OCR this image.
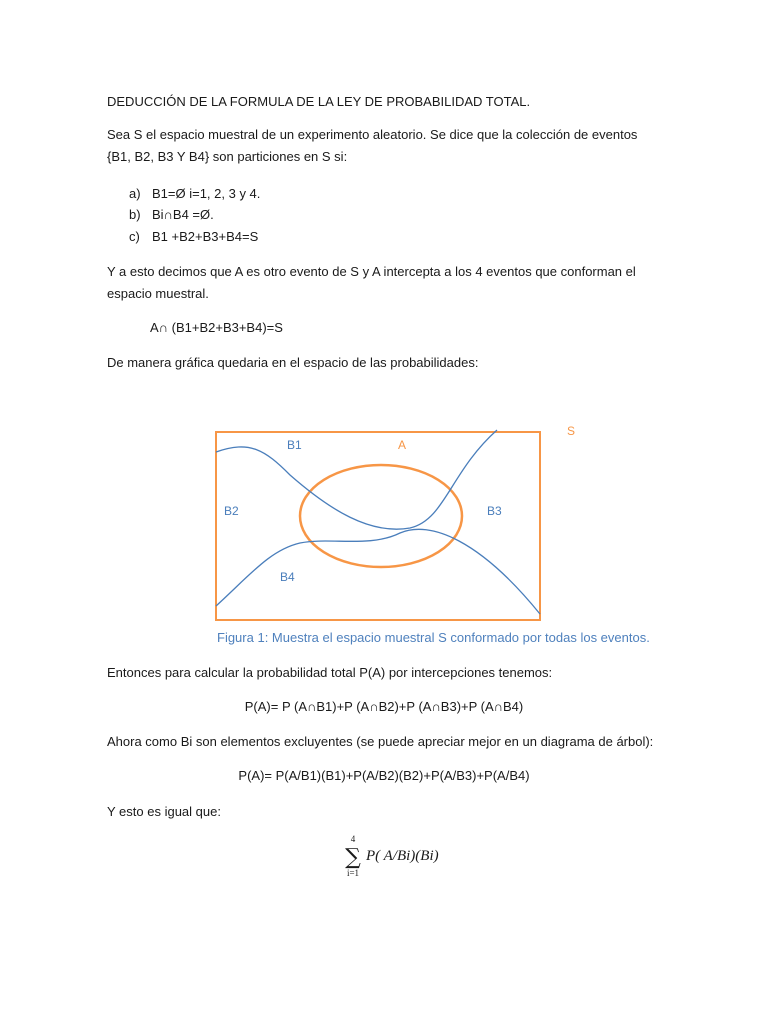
DEDUCCIÓN DE LA FORMULA DE LA LEY DE PROBABILIDAD TOTAL.
Sea S el espacio muestral de un experimento aleatorio. Se dice que la colección de eventos
{B1, B2, B3 Y B4} son particiones en S si:
a) B1=Ø i=1, 2, 3 y 4.
b) Bi∩B4 =Ø.
c) B1 +B2+B3+B4=S
Y a esto decimos que A es otro evento de S y A intercepta a los 4 eventos que conforman el
espacio muestral.
A∩ (B1+B2+B3+B4)=S
De manera gráfica quedaria en el espacio de las probabilidades:
S
A
B1
B2	B3
B4
Figura 1: Muestra el espacio muestral S conformado por todas los eventos.
Entonces para calcular la probabilidad total P(A) por intercepciones tenemos:
P(A)= P (A∩B1)+P (A∩B2)+P (A∩B3)+P (A∩B4)
Ahora como Bi son elementos excluyentes (se puede apreciar mejor en un diagrama de árbol):
P(A)= P(A/B1)(B1)+P(A/B2)(B2)+P(A/B3)+P(A/B4)
Y esto es igual que:
4
∑
i=1
P( A/Bi)(Bi)
